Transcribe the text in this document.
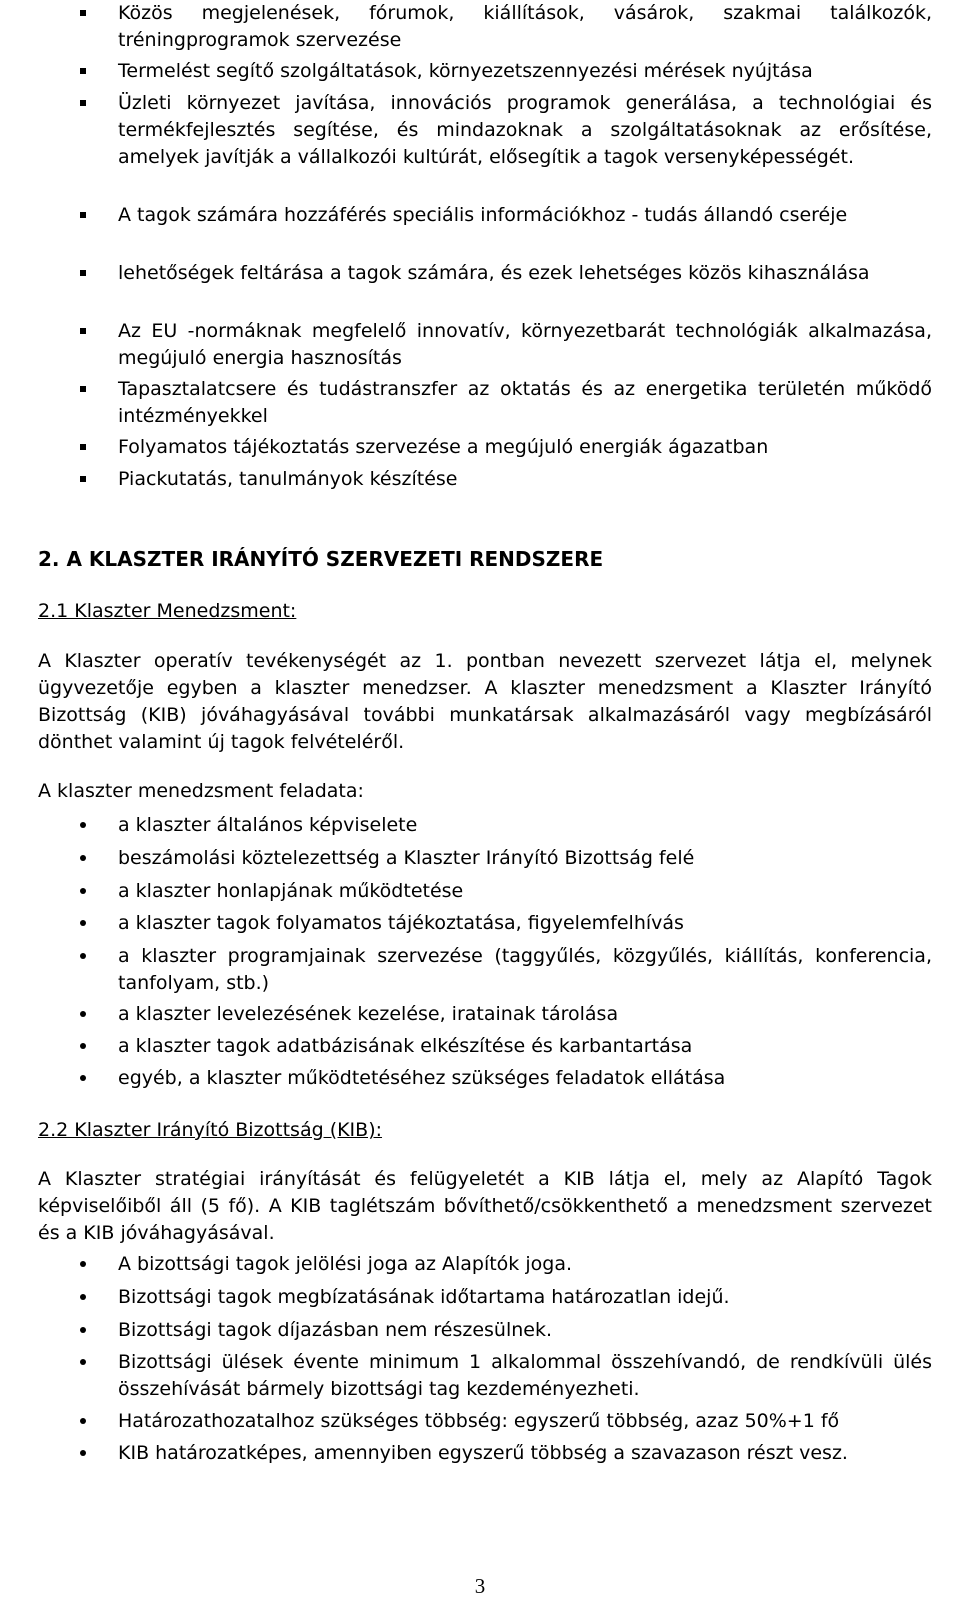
Közös megjelenések, fórumok, kiállítások, vásárok, szakmai találkozók, tréningprogramok szervezése
Termelést segítő szolgáltatások, környezetszennyezési mérések nyújtása
Üzleti környezet javítása, innovációs programok generálása, a technológiai és termékfejlesztés segítése, és mindazoknak a szolgáltatásoknak az erősítése, amelyek javítják a vállalkozói kultúrát, elősegítik a tagok versenyképességét.
A tagok számára hozzáférés speciális információkhoz - tudás állandó cseréje
lehetőségek feltárása a tagok számára, és ezek lehetséges közös kihasználása
Az EU -normáknak megfelelő innovatív, környezetbarát technológiák alkalmazása, megújuló energia hasznosítás
Tapasztalatcsere és tudástranszfer az oktatás és az energetika területén működő intézményekkel
Folyamatos tájékoztatás szervezése a megújuló energiák ágazatban
Piackutatás, tanulmányok készítése
2. A KLASZTER IRÁNYÍTÓ SZERVEZETI RENDSZERE
2.1 Klaszter Menedzsment:
A Klaszter operatív tevékenységét az 1. pontban nevezett szervezet látja el, melynek ügyvezetője egyben a klaszter menedzser. A klaszter menedzsment a Klaszter Irányító Bizottság (KIB) jóváhagyásával további munkatársak alkalmazásáról vagy megbízásáról dönthet valamint új tagok felvételéről.
A klaszter menedzsment feladata:
a klaszter általános képviselete
beszámolási köztelezettség a Klaszter Irányító Bizottság felé
a klaszter honlapjának működtetése
a klaszter tagok folyamatos tájékoztatása, figyelemfelhívás
a klaszter programjainak szervezése (taggyűlés, közgyűlés, kiállítás, konferencia, tanfolyam, stb.)
a klaszter levelezésének kezelése, iratainak tárolása
a klaszter tagok adatbázisának elkészítése és karbantartása
egyéb, a klaszter működtetéséhez szükséges feladatok ellátása
2.2 Klaszter Irányító Bizottság (KIB):
A Klaszter stratégiai irányítását és felügyeletét a KIB látja el, mely az Alapító Tagok képviselőiből áll (5 fő). A KIB taglétszám bővíthető/csökkenthető a menedzsment szervezet és a KIB jóváhagyásával.
A bizottsági tagok jelölési joga az Alapítók joga.
Bizottsági tagok megbízatásának időtartama határozatlan idejű.
Bizottsági tagok díjazásban nem részesülnek.
Bizottsági ülések évente minimum 1 alkalommal összehívandó, de rendkívüli ülés összehívását bármely bizottsági tag kezdeményezheti.
Határozathozatalhoz szükséges többség: egyszerű többség, azaz 50%+1 fő
KIB határozatképes, amennyiben egyszerű többség a szavazason részt vesz.
3
